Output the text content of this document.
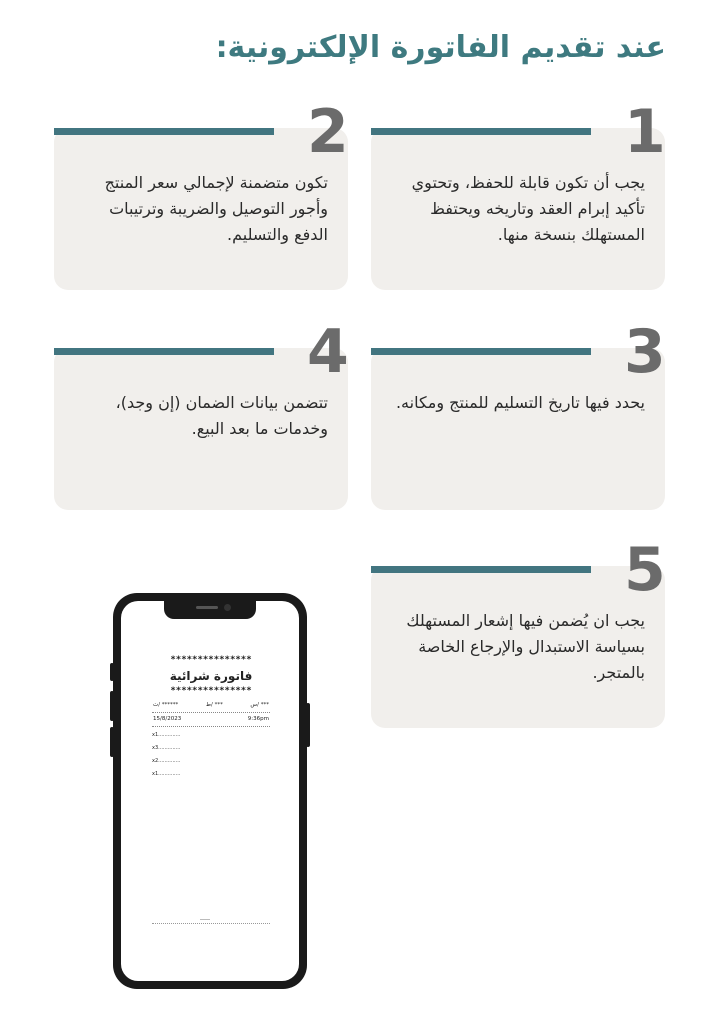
عند تقديم الفاتورة الإلكترونية:
يجب أن تكون قابلة للحفظ، وتحتوي تأكيد إبرام العقد وتاريخه ويحتفظ المستهلك بنسخة منها.
1
تكون متضمنة لإجمالي سعر المنتج وأجور التوصيل والضريبة وترتيبات الدفع والتسليم.
2
يحدد فيها تاريخ التسليم للمنتج ومكانه.
3
تتضمن بيانات الضمان (إن وجد)، وخدمات ما بعد البيع.
4
يجب ان يُضمن فيها إشعار المستهلك بسياسة الاستبدال والإرجاع الخاصة بالمتجر.
5
***************
فاتورة شرائية
***************
ت/ ******	ط/ ***	س/ ***
15/8/2023	9:36pm
x1..............
x3..............
x2..............
x1..............
